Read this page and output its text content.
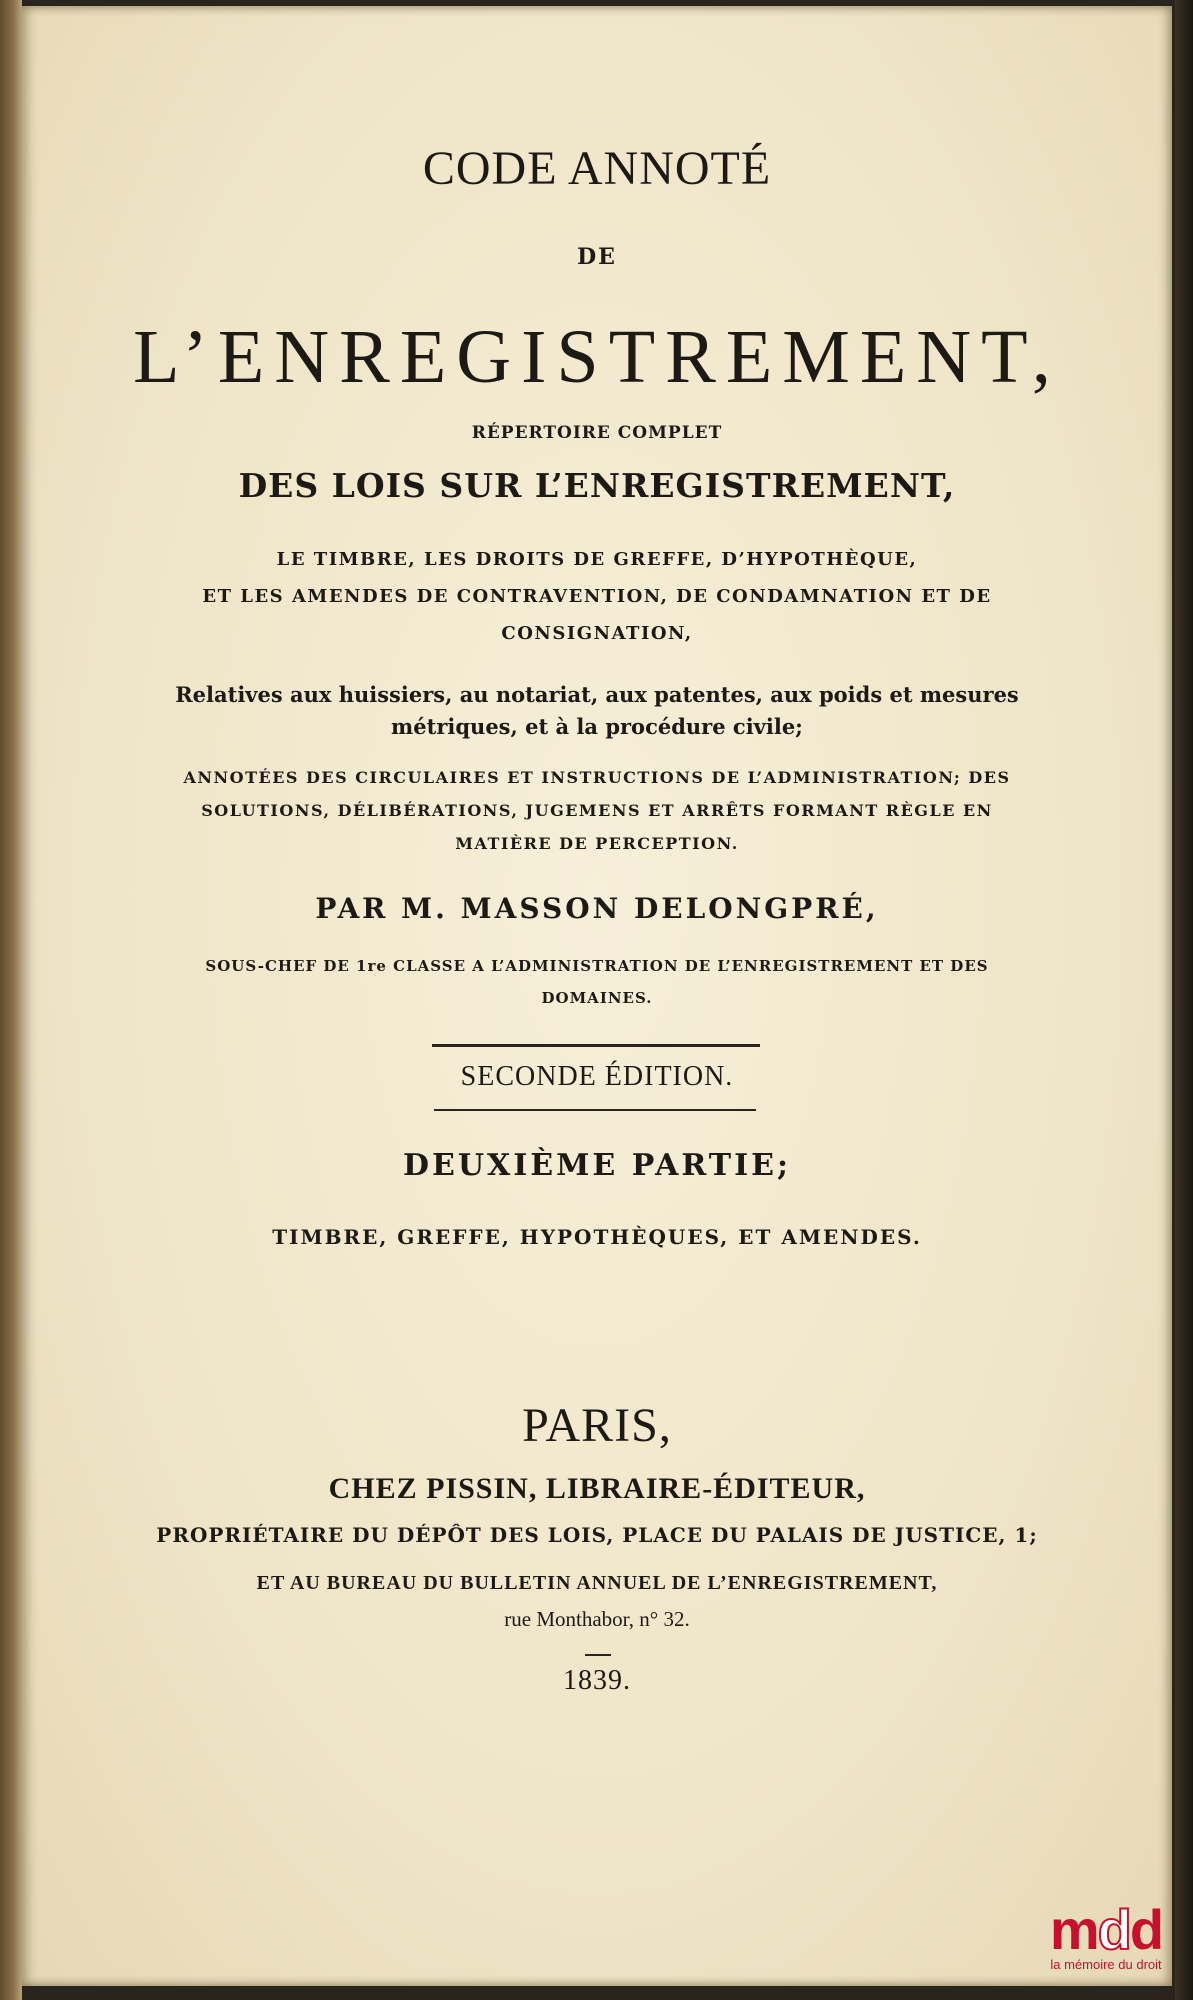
CODE ANNOTÉ
DE
L’ENREGISTREMENT,
RÉPERTOIRE COMPLET
DES LOIS SUR L’ENREGISTREMENT,
LE TIMBRE, LES DROITS DE GREFFE, D’HYPOTHÈQUE,
ET LES AMENDES DE CONTRAVENTION, DE CONDAMNATION ET DE
CONSIGNATION,
Relatives aux huissiers, au notariat, aux patentes, aux poids et mesures
métriques, et à la procédure civile;
ANNOTÉES DES CIRCULAIRES ET INSTRUCTIONS DE L’ADMINISTRATION; DES
SOLUTIONS, DÉLIBÉRATIONS, JUGEMENS ET ARRÊTS FORMANT RÈGLE EN
MATIÈRE DE PERCEPTION.
PAR M. MASSON DELONGPRÉ,
SOUS-CHEF DE 1re CLASSE A L’ADMINISTRATION DE L’ENREGISTREMENT ET DES
DOMAINES.
SECONDE ÉDITION.
DEUXIÈME PARTIE;
TIMBRE, GREFFE, HYPOTHÈQUES, ET AMENDES.
PARIS,
CHEZ PISSIN, LIBRAIRE-ÉDITEUR,
PROPRIÉTAIRE DU DÉPÔT DES LOIS, PLACE DU PALAIS DE JUSTICE, 1;
ET AU BUREAU DU BULLETIN ANNUEL DE L’ENREGISTREMENT,
rue Monthabor, n° 32.
1839.
mdd
la mémoire du droit
